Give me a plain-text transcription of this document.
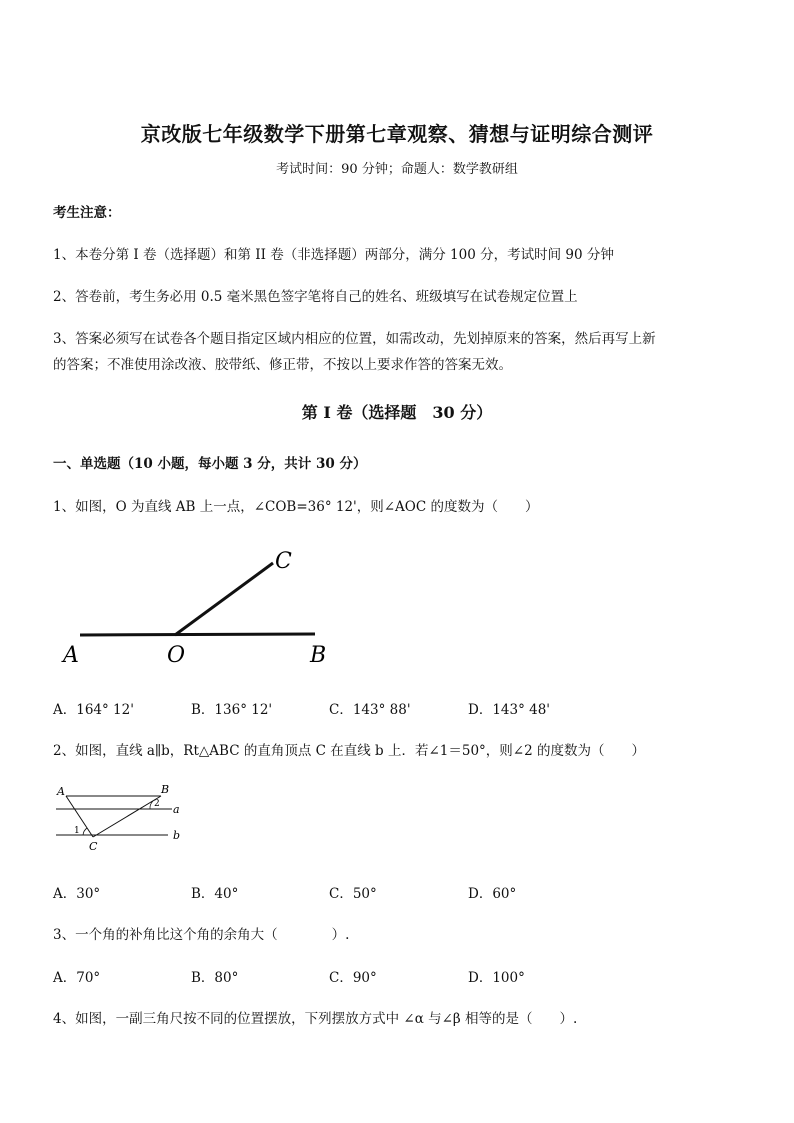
京改版七年级数学下册第七章观察、猜想与证明综合测评
考试时间：90 分钟；命题人：数学教研组
考生注意：
1、本卷分第 I 卷（选择题）和第 II 卷（非选择题）两部分，满分 100 分，考试时间 90 分钟
2、答卷前，考生务必用 0.5 毫米黑色签字笔将自己的姓名、班级填写在试卷规定位置上
3、答案必须写在试卷各个题目指定区域内相应的位置，如需改动，先划掉原来的答案，然后再写上新
的答案；不准使用涂改液、胶带纸、修正带，不按以上要求作答的答案无效。
第 I 卷（选择题　30 分）
一、单选题（10 小题，每小题 3 分，共计 30 分）
1、如图，O 为直线 AB 上一点，∠COB=36° 12'，则∠AOC 的度数为（　　）
A	O	B
C
A．164° 12'	B．136° 12'	C．143° 88'	D．143° 48'
2、如图，直线 a∥b，Rt△ABC 的直角顶点 C 在直线 b 上．若∠1＝50°，则∠2 的度数为（　　）
A	B
C
a
b
1
2
A．30°	B．40°	C．50°	D．60°
3、一个角的补角比这个角的余角大（　　　　）.
A．70°	B．80°	C．90°	D．100°
4、如图，一副三角尺按不同的位置摆放，下列摆放方式中 ∠α 与∠β 相等的是（　　）.
